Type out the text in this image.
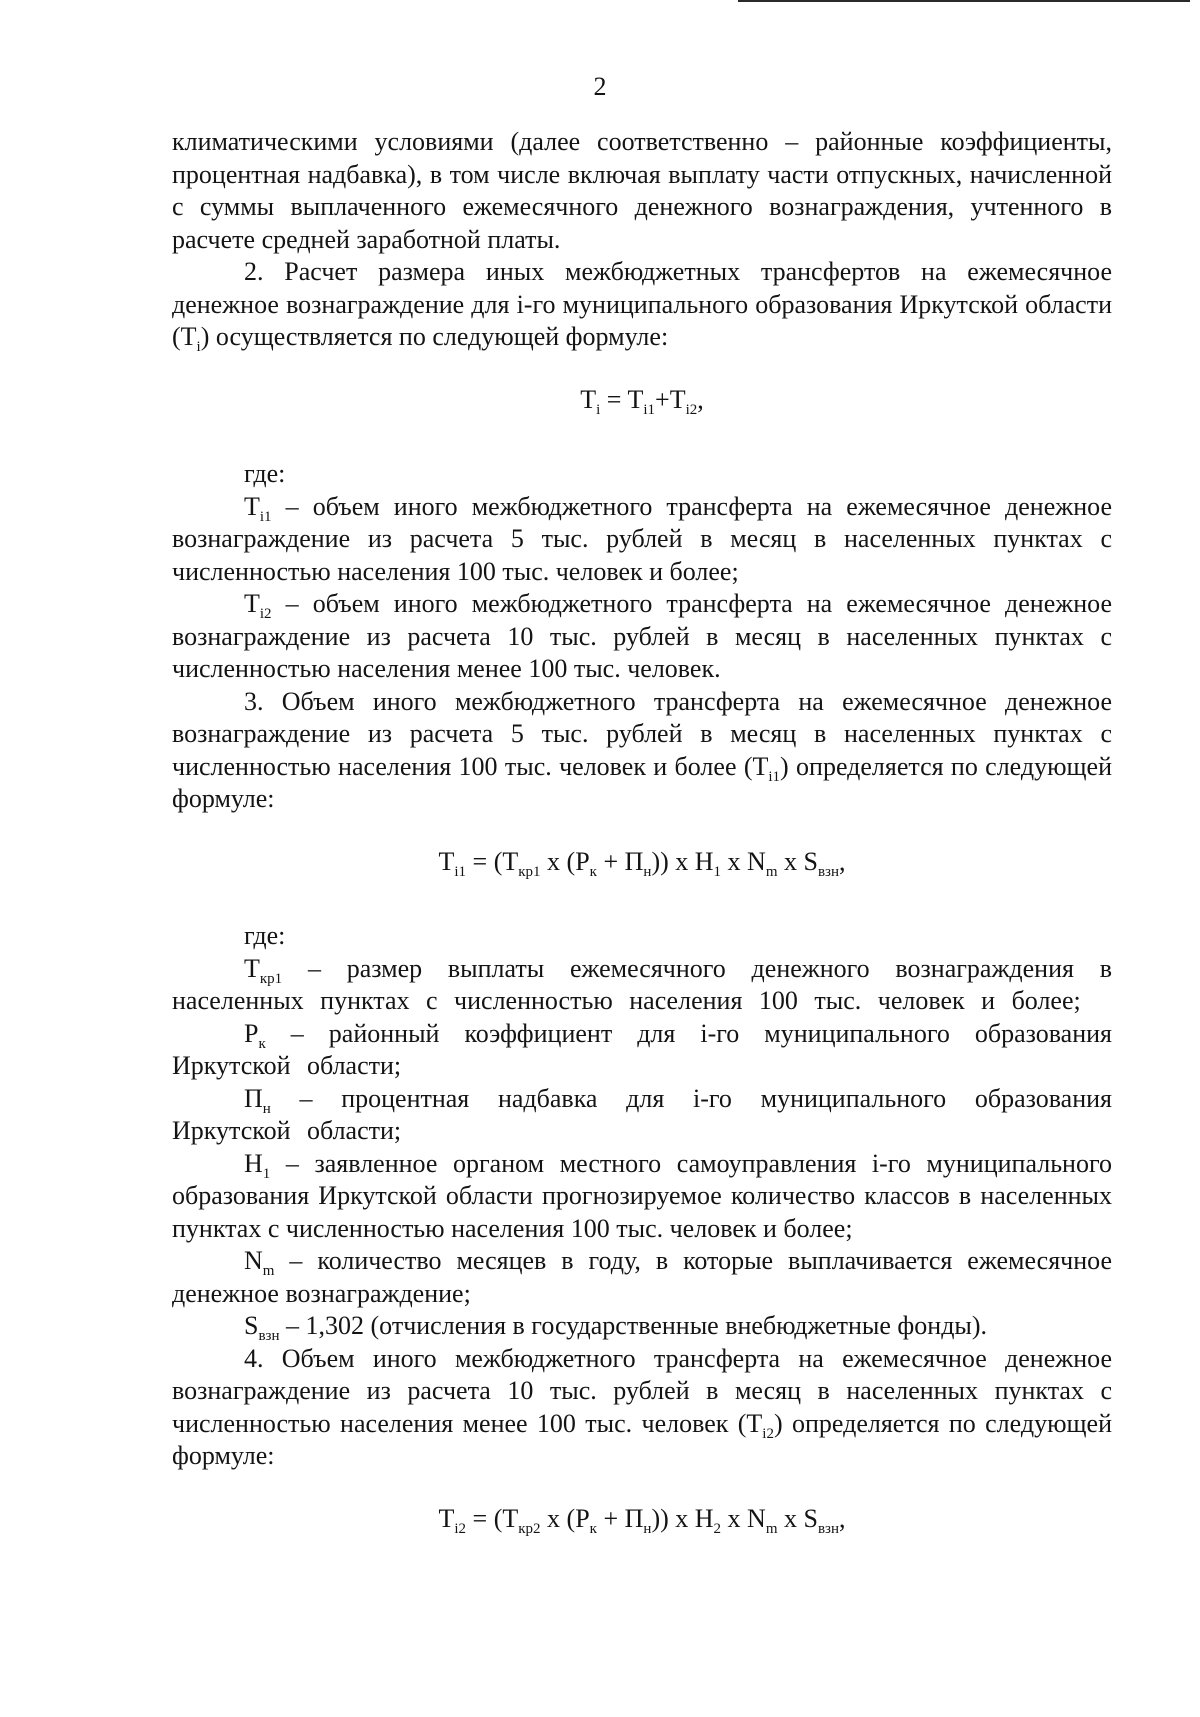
2

климатическими условиями (далее соответственно – районные коэффициенты, процентная надбавка), в том числе включая выплату части отпускных, начисленной с суммы выплаченного ежемесячного денежного вознаграждения, учтенного в расчете средней заработной платы.

2. Расчет размера иных межбюджетных трансфертов на ежемесячное денежное вознаграждение для i-го муниципального образования Иркутской области $(T_i)$ осуществляется по следующей формуле:

$T_i = T_{i1}+T_{i2}$,

где:

$T_{i1}$ – объем иного межбюджетного трансферта на ежемесячное денежное вознаграждение из расчета 5 тыс. рублей в месяц в населенных пунктах с численностью населения 100 тыс. человек и более;

$T_{i2}$ – объем иного межбюджетного трансферта на ежемесячное денежное вознаграждение из расчета 10 тыс. рублей в месяц в населенных пунктах с численностью населения менее 100 тыс. человек.

3. Объем иного межбюджетного трансферта на ежемесячное денежное вознаграждение из расчета 5 тыс. рублей в месяц в населенных пунктах с численностью населения 100 тыс. человек и более $(T_{i1})$ определяется по следующей формуле:

$T_{i1} = (T_{кр1}$ x $(P_к + П_н)$) x $H_1$ x $N_m$ x $S_{взн}$,

где:

$T_{кр1}$ – размер выплаты ежемесячного денежного вознаграждения в населенных пунктах с численностью населения 100 тыс. человек и более;

$P_к$ – районный коэффициент для i-го муниципального образования Иркутской области;

$П_н$ – процентная надбавка для i-го муниципального образования Иркутской области;

$H_1$ – заявленное органом местного самоуправления i-го муниципального образования Иркутской области прогнозируемое количество классов в населенных пунктах с численностью населения 100 тыс. человек и более;

$N_m$ – количество месяцев в году, в которые выплачивается ежемесячное денежное вознаграждение;

$S_{взн} - 1,302$ (отчисления в государственные внебюджетные фонды).

4. Объем иного межбюджетного трансферта на ежемесячное денежное вознаграждение из расчета 10 тыс. рублей в месяц в населенных пунктах с численностью населения менее 100 тыс. человек $(T_{i2})$ определяется по следующей формуле:

$T_{i2} = (T_{кр2}$ x $(P_к + П_н)$) x $H_2$ x $N_m$ x $S_{взн}$,
